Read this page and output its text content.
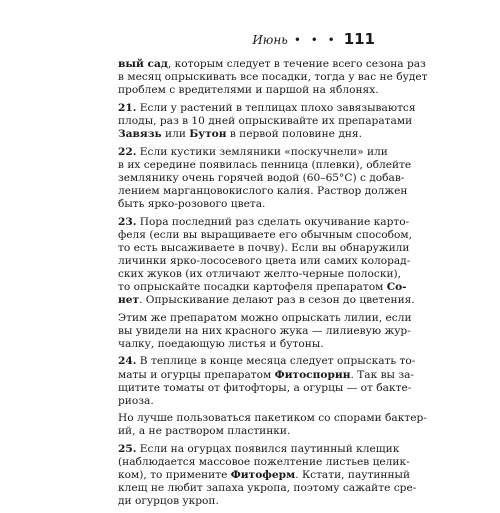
Июнь • • • 111
вый сад, которым следует в течение всего сезона раз
в месяц опрыскивать все посадки, тогда у вас не будет
проблем с вредителями и паршой на яблонях.
21. Если у растений в теплицах плохо завязываются
плоды, раз в 10 дней опрыскивайте их препаратами
Завязь или Бутон в первой половине дня.
22. Если кустики земляники «поскучнели» или
в их середине появилась пенница (плевки), облейте
землянику очень горячей водой (60–65°С) с добав-
лением марганцовокислого калия. Раствор должен
быть ярко-розового цвета.
23. Пора последний раз сделать окучивание карто-
феля (если вы выращиваете его обычным способом,
то есть высаживаете в почву). Если вы обнаружили
личинки ярко-лососевого цвета или самих колорад-
ских жуков (их отличают желто-черные полоски),
то опрыскайте посадки картофеля препаратом Со-
нет. Опрыскивание делают раз в сезон до цветения.
Этим же препаратом можно опрыскать лилии, если
вы увидели на них красного жука — лилиевую жур-
чалку, поедающую листья и бутоны.
24. В теплице в конце месяца следует опрыскать то-
маты и огурцы препаратом Фитоспорин. Так вы за-
щитите томаты от фитофторы, а огурцы — от бакте-
риоза.
Но лучше пользоваться пакетиком со спорами бактер-
ий, а не раствором пластинки.
25. Если на огурцах появился паутинный клещик
(наблюдается массовое пожелтение листьев целик-
ком), то примените Фитоферм. Кстати, паутинный
клещ не любит запаха укропа, поэтому сажайте сре-
ди огурцов укроп.
